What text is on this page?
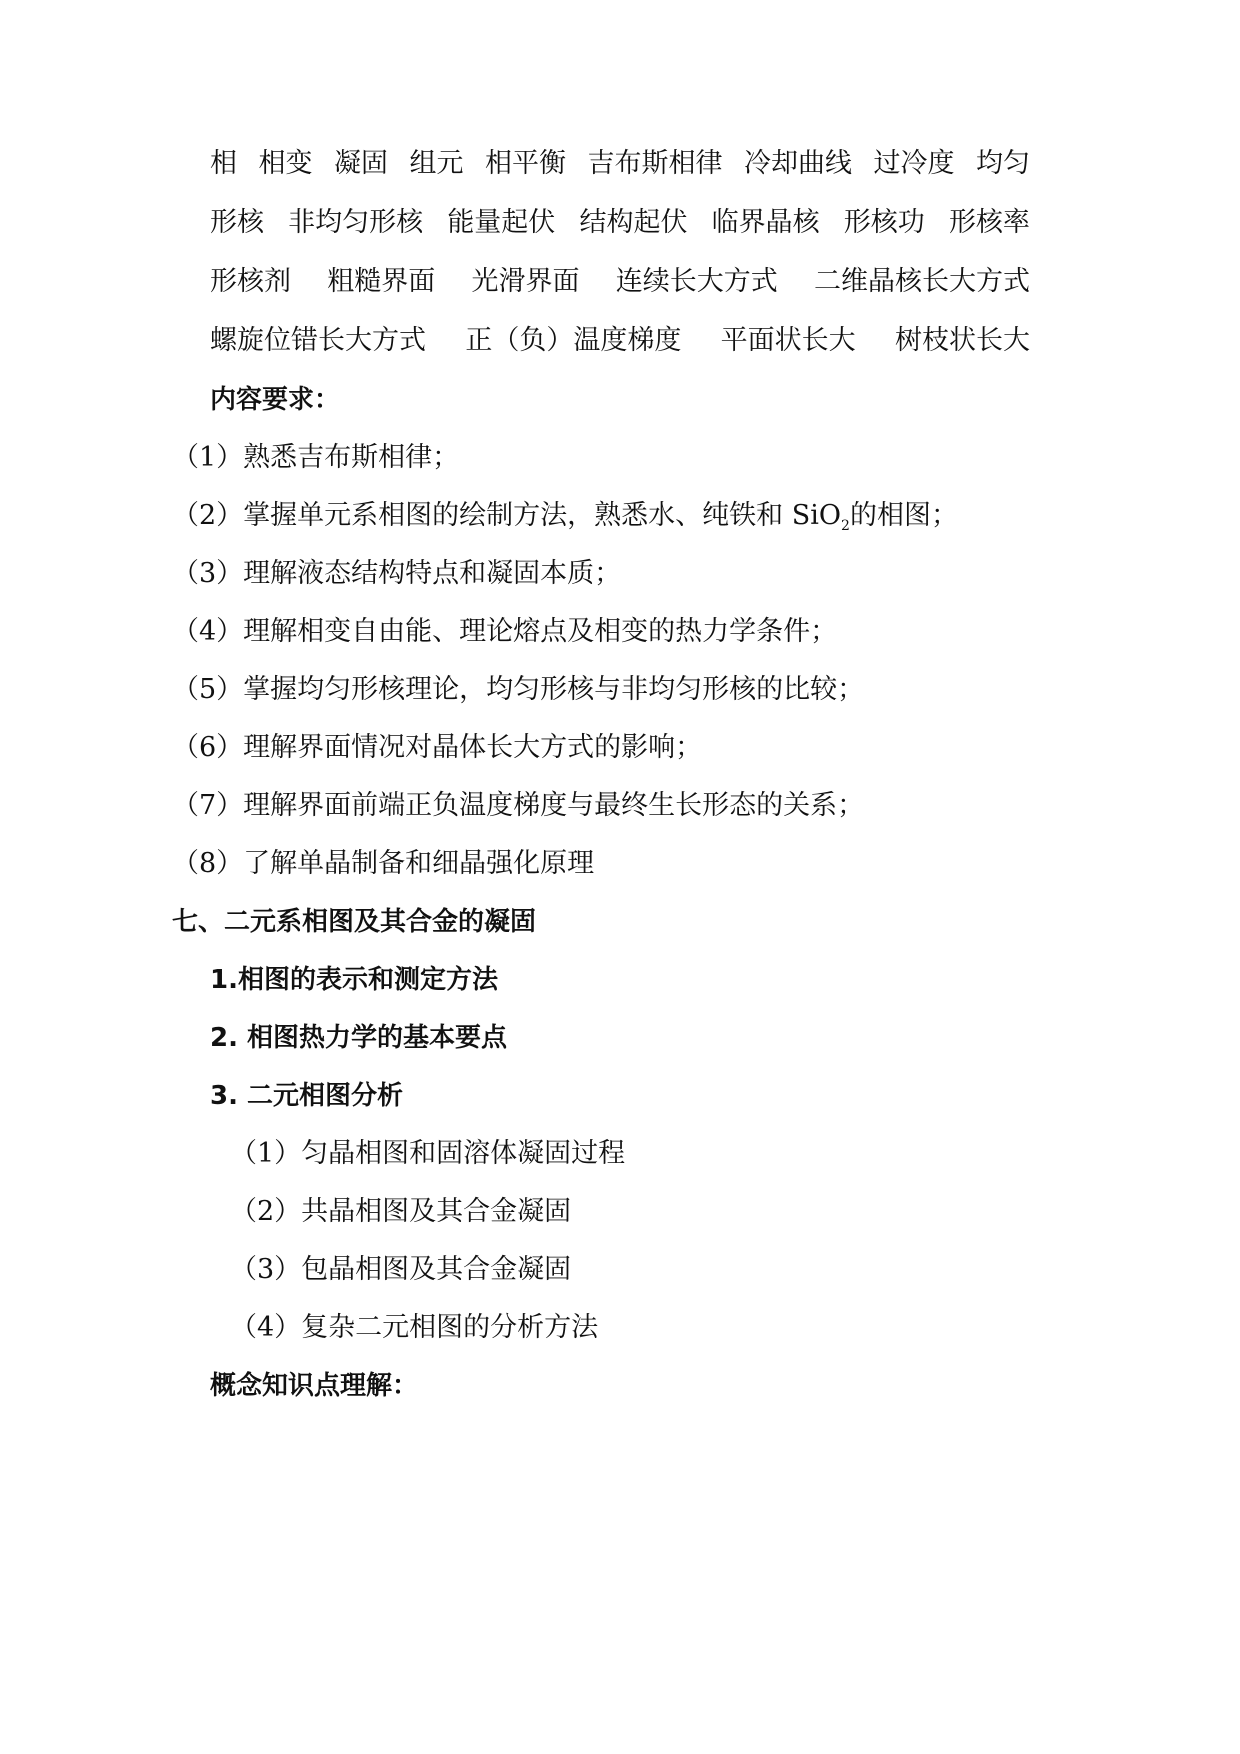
相 相变 凝固 组元 相平衡 吉布斯相律 冷却曲线 过冷度 均匀
形核 非均匀形核 能量起伏 结构起伏 临界晶核 形核功 形核率
形核剂 粗糙界面 光滑界面 连续长大方式 二维晶核长大方式
螺旋位错长大方式 正（负）温度梯度 平面状长大 树枝状长大
内容要求：
（1）熟悉吉布斯相律；
（2）掌握单元系相图的绘制方法，熟悉水、纯铁和 SiO$_2$的相图；
（3）理解液态结构特点和凝固本质；
（4）理解相变自由能、理论熔点及相变的热力学条件；
（5）掌握均匀形核理论，均匀形核与非均匀形核的比较；
（6）理解界面情况对晶体长大方式的影响；
（7）理解界面前端正负温度梯度与最终生长形态的关系；
（8）了解单晶制备和细晶强化原理
七、二元系相图及其合金的凝固
1.相图的表示和测定方法
2. 相图热力学的基本要点
3. 二元相图分析
（1）匀晶相图和固溶体凝固过程
（2）共晶相图及其合金凝固
（3）包晶相图及其合金凝固
（4）复杂二元相图的分析方法
概念知识点理解：
